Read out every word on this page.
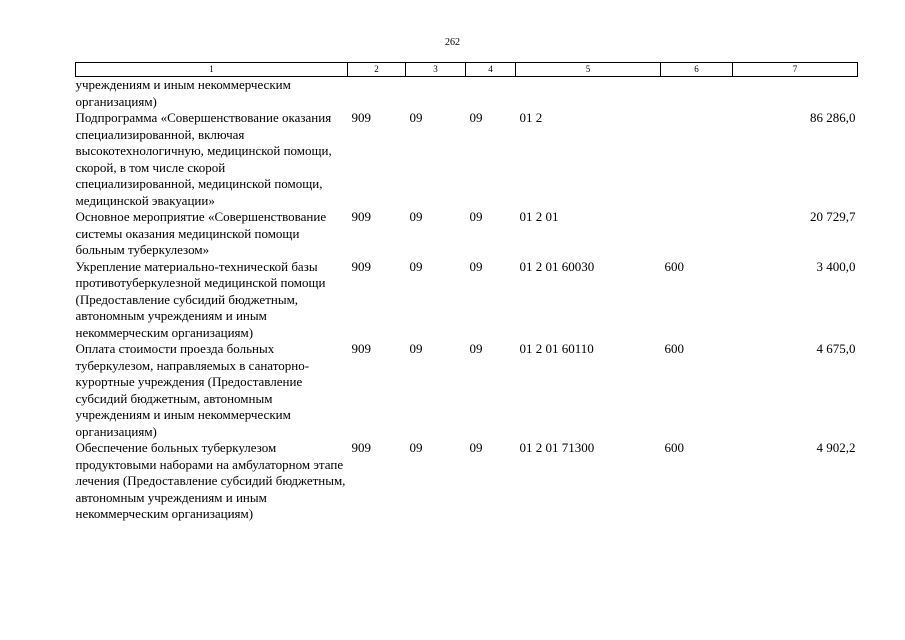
262
1	2	3	4	5	6	7
учреждениям и иным некоммерческим организациям)						
Подпрограмма «Совершенствование оказания специализированной, включая высокотехнологичную, медицинской помощи, скорой, в том числе скорой специализированной, медицинской помощи, медицинской эвакуации»	909	09	09	01 2		86 286,0
Основное мероприятие «Совершенствование системы оказания медицинской помощи больным туберкулезом»	909	09	09	01 2 01		20 729,7
Укрепление материально-технической базы противотуберкулезной медицинской помощи (Предоставление субсидий бюджетным, автономным учреждениям и иным некоммерческим организациям)	909	09	09	01 2 01 60030	600	3 400,0
Оплата стоимости проезда больных туберкулезом, направляемых в санаторно-курортные учреждения (Предоставление субсидий бюджетным, автономным учреждениям и иным некоммерческим организациям)	909	09	09	01 2 01 60110	600	4 675,0
Обеспечение больных туберкулезом продуктовыми наборами на амбулаторном этапе лечения (Предоставление субсидий бюджетным, автономным учреждениям и иным некоммерческим организациям)	909	09	09	01 2 01 71300	600	4 902,2
